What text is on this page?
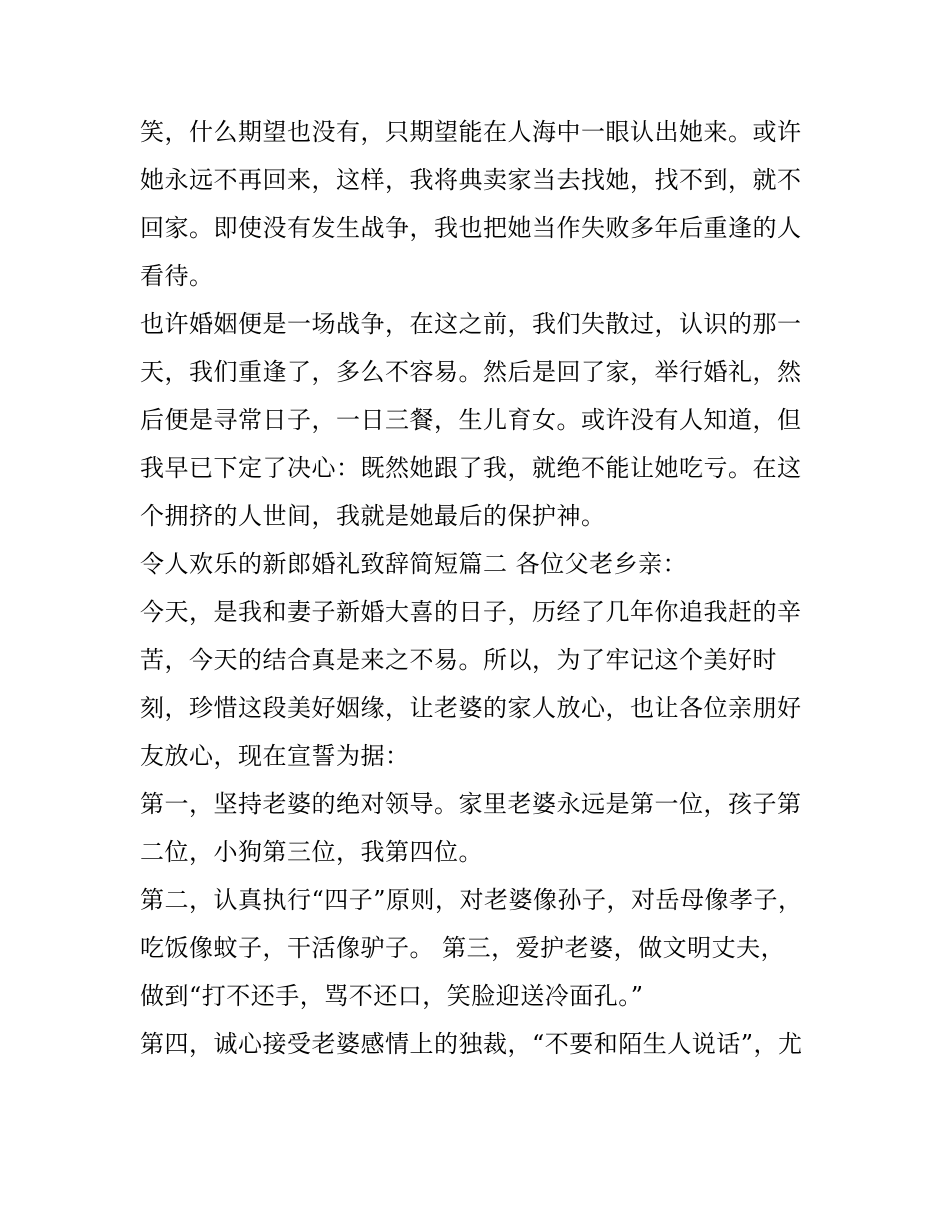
笑，什么期望也没有，只期望能在人海中一眼认出她来。或许
她永远不再回来，这样，我将典卖家当去找她，找不到，就不
回家。即使没有发生战争，我也把她当作失败多年后重逢的人
看待。
也许婚姻便是一场战争，在这之前，我们失散过，认识的那一
天，我们重逢了，多么不容易。然后是回了家，举行婚礼，然
后便是寻常日子，一日三餐，生儿育女。或许没有人知道，但
我早已下定了决心：既然她跟了我，就绝不能让她吃亏。在这
个拥挤的人世间，我就是她最后的保护神。
令人欢乐的新郎婚礼致辞简短篇二 各位父老乡亲：
今天，是我和妻子新婚大喜的日子，历经了几年你追我赶的辛
苦，今天的结合真是来之不易。所以，为了牢记这个美好时
刻，珍惜这段美好姻缘，让老婆的家人放心，也让各位亲朋好
友放心，现在宣誓为据：
第一，坚持老婆的绝对领导。家里老婆永远是第一位，孩子第
二位，小狗第三位，我第四位。
第二，认真执行“四子”原则，对老婆像孙子，对岳母像孝子，
吃饭像蚊子，干活像驴子。 第三，爱护老婆，做文明丈夫，
做到“打不还手，骂不还口，笑脸迎送冷面孔。”
第四，诚心接受老婆感情上的独裁，“不要和陌生人说话”，尤
